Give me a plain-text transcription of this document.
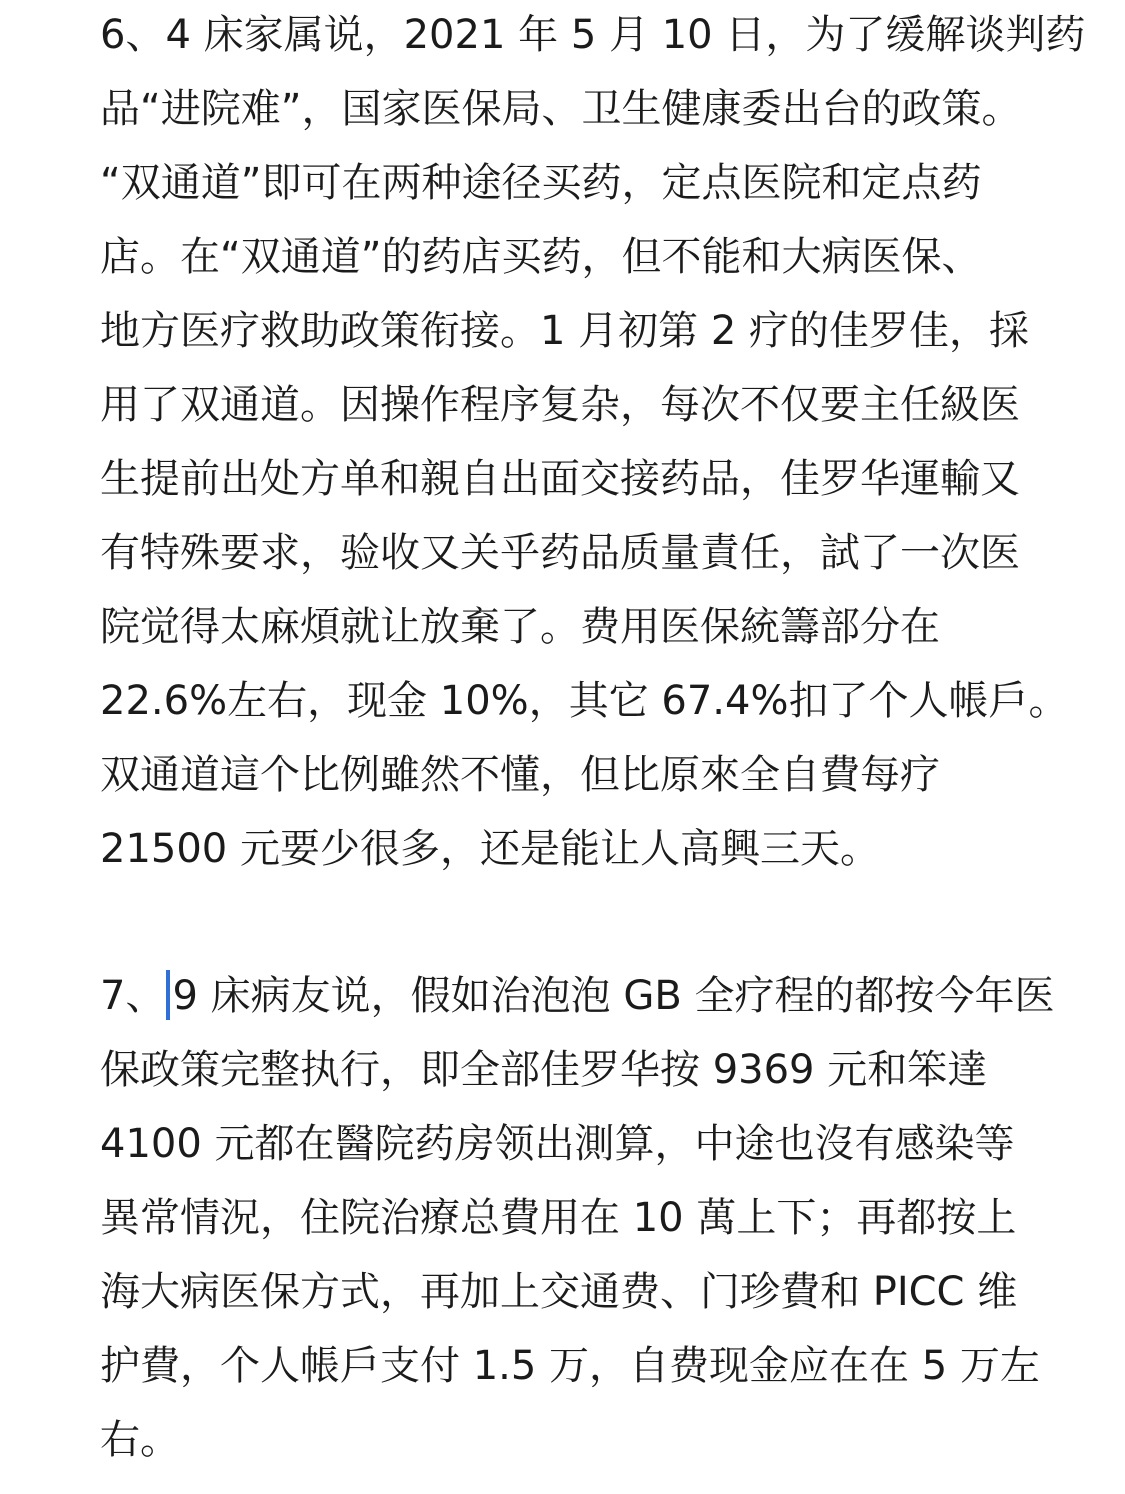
6、4 床家属说，2021 年 5 月 10 日，为了缓解谈判药
品“进院难”，国家医保局、卫生健康委出台的政策。
“双通道”即可在两种途径买药，定点医院和定点药
店。在“双通道”的药店买药，但不能和大病医保、
地方医疗救助政策衔接。1 月初第 2 疗的佳罗佳，採
用了双通道。因操作程序复杂，每次不仅要主任級医
生提前出处方单和親自出面交接药品，佳罗华運輸又
有特殊要求，验收又关乎药品质量責任，試了一次医
院觉得太麻煩就让放棄了。费用医保統籌部分在
22.6%左右，现金 10%，其它 67.4%扣了个人帳戶。
双通道這个比例雖然不懂，但比原來全自費每疗
21500 元要少很多，还是能让人高興三天。
7、 9 床病友说，假如治泡泡 GB 全疗程的都按今年医
保政策完整执行，即全部佳罗华按 9369 元和笨達
4100 元都在醫院药房领出測算，中途也沒有感染等
異常情況，住院治療总費用在 10 萬上下；再都按上
海大病医保方式，再加上交通费、门珍費和 PICC 维
护費，个人帳戶支付 1.5 万，自费现金应在在 5 万左
右。
